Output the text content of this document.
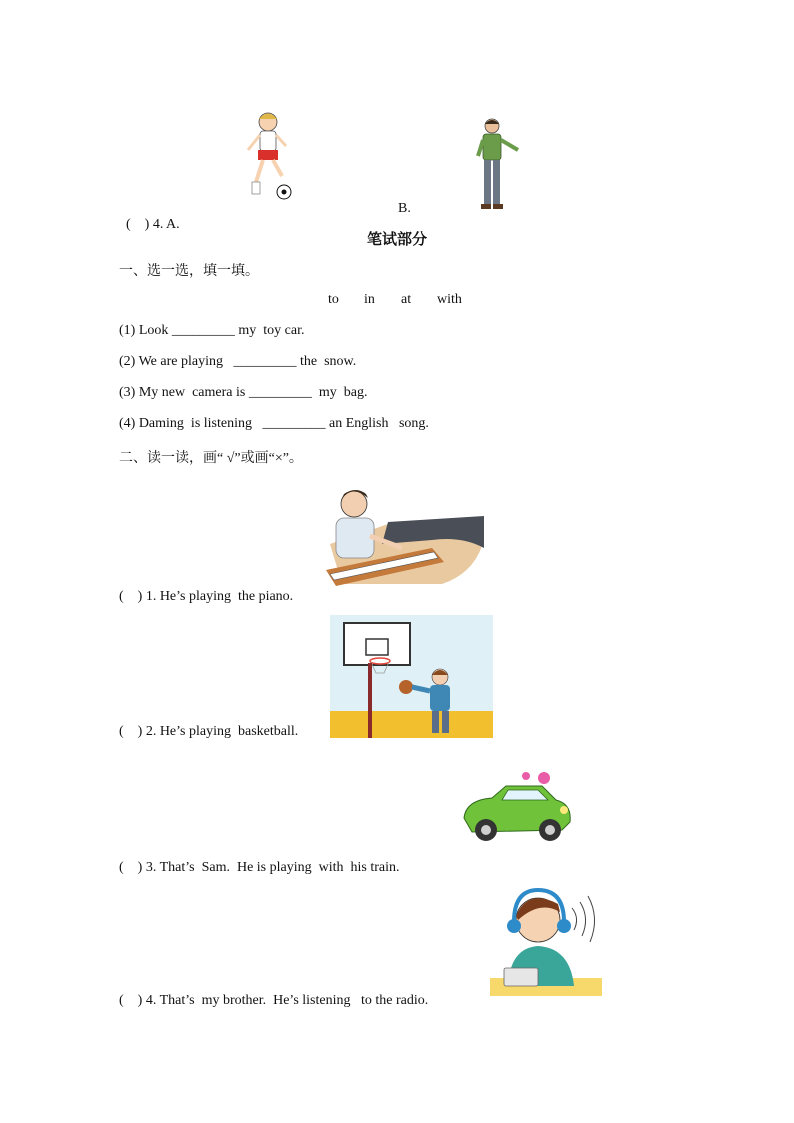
(    ) 4. A.

B.
笔试部分
一、选一选，填一填。
to in at with
(1) Look _________ my  toy car.
(2) We are playing   _________ the  snow.
(3) My new  camera is _________  my  bag.
(4) Daming  is listening   _________ an English   song.
二、读一读，画“ √”或画“×”。
(    ) 1. He’s playing  the piano.
(    ) 2. He’s playing  basketball.
(    ) 3. That’s  Sam.  He is playing  with  his train.
(    ) 4. That’s  my brother.  He’s listening   to the radio.
